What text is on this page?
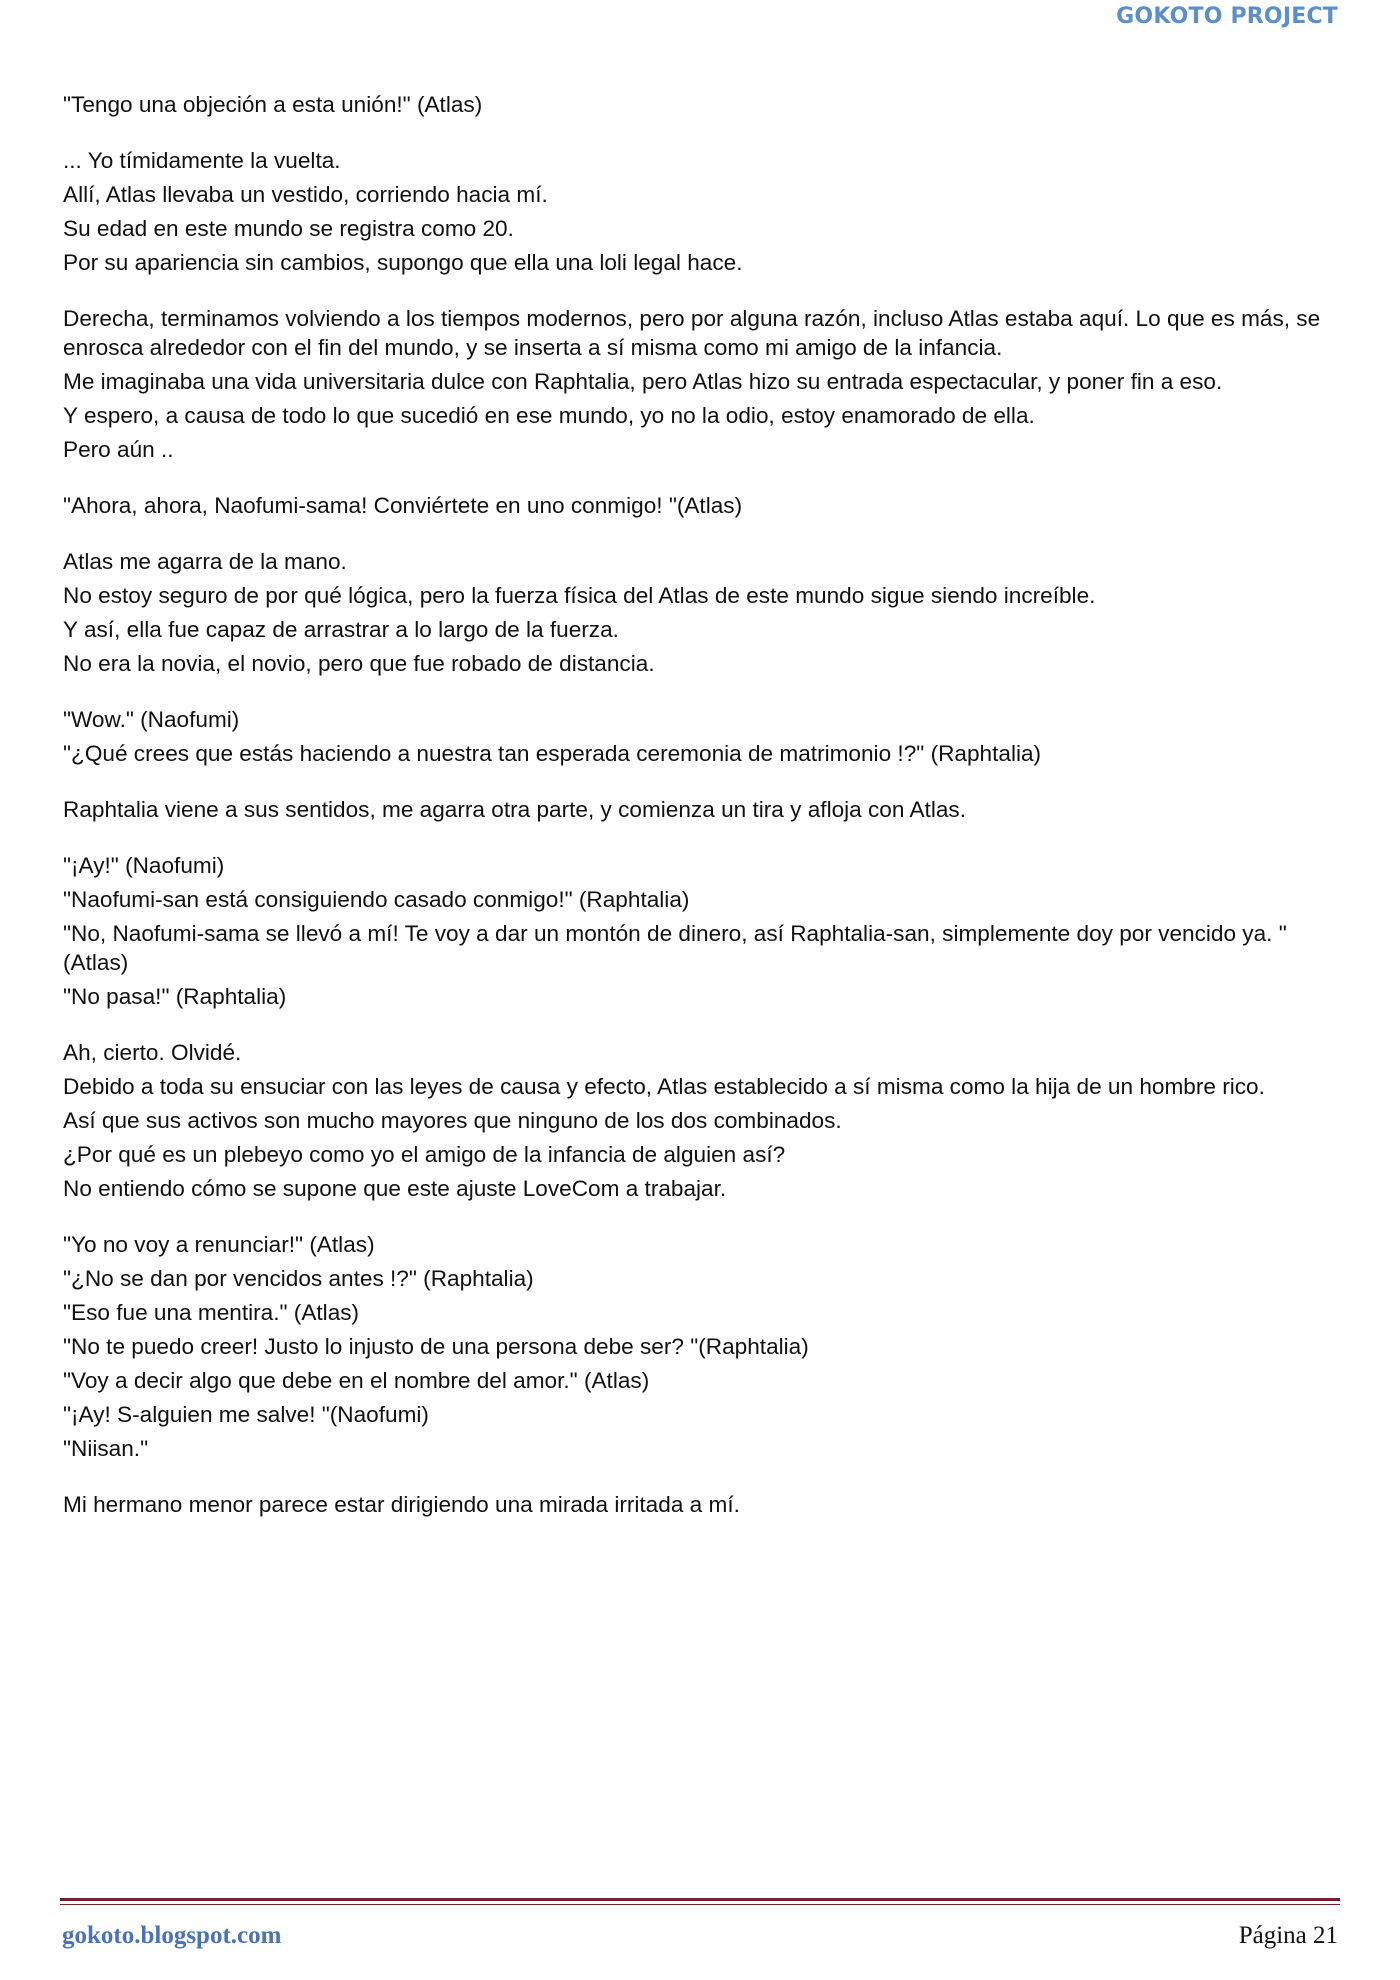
GOKOTO PROJECT

"Tengo una objeción a esta unión!" (Atlas)

... Yo tímidamente la vuelta.

Allí, Atlas llevaba un vestido, corriendo hacia mí.

Su edad en este mundo se registra como 20.

Por su apariencia sin cambios, supongo que ella una loli legal hace.

Derecha, terminamos volviendo a los tiempos modernos, pero por alguna razón, incluso Atlas estaba aquí. Lo que es más, se enrosca alrededor con el fin del mundo, y se inserta a sí misma como mi amigo de la infancia.

Me imaginaba una vida universitaria dulce con Raphtalia, pero Atlas hizo su entrada espectacular, y poner fin a eso.

Y espero, a causa de todo lo que sucedió en ese mundo, yo no la odio, estoy enamorado de ella.

Pero aún ..

"Ahora, ahora, Naofumi-sama! Conviértete en uno conmigo! "(Atlas)

Atlas me agarra de la mano.

No estoy seguro de por qué lógica, pero la fuerza física del Atlas de este mundo sigue siendo increíble.

Y así, ella fue capaz de arrastrar a lo largo de la fuerza.

No era la novia, el novio, pero que fue robado de distancia.

"Wow." (Naofumi)

"¿Qué crees que estás haciendo a nuestra tan esperada ceremonia de matrimonio !?" (Raphtalia)

Raphtalia viene a sus sentidos, me agarra otra parte, y comienza un tira y afloja con Atlas.

"¡Ay!" (Naofumi)

"Naofumi-san está consiguiendo casado conmigo!" (Raphtalia)

"No, Naofumi-sama se llevó a mí! Te voy a dar un montón de dinero, así Raphtalia-san, simplemente doy por vencido ya. "(Atlas)

"No pasa!" (Raphtalia)

Ah, cierto. Olvidé.

Debido a toda su ensuciar con las leyes de causa y efecto, Atlas establecido a sí misma como la hija de un hombre rico.

Así que sus activos son mucho mayores que ninguno de los dos combinados.

¿Por qué es un plebeyo como yo el amigo de la infancia de alguien así?

No entiendo cómo se supone que este ajuste LoveCom a trabajar.

"Yo no voy a renunciar!" (Atlas)

"¿No se dan por vencidos antes !?" (Raphtalia)

"Eso fue una mentira." (Atlas)

"No te puedo creer! Justo lo injusto de una persona debe ser? "(Raphtalia)

"Voy a decir algo que debe en el nombre del amor." (Atlas)

"¡Ay! S-alguien me salve! "(Naofumi)

"Niisan."

Mi hermano menor parece estar dirigiendo una mirada irritada a mí.

gokoto.blogspot.com	Página 21
